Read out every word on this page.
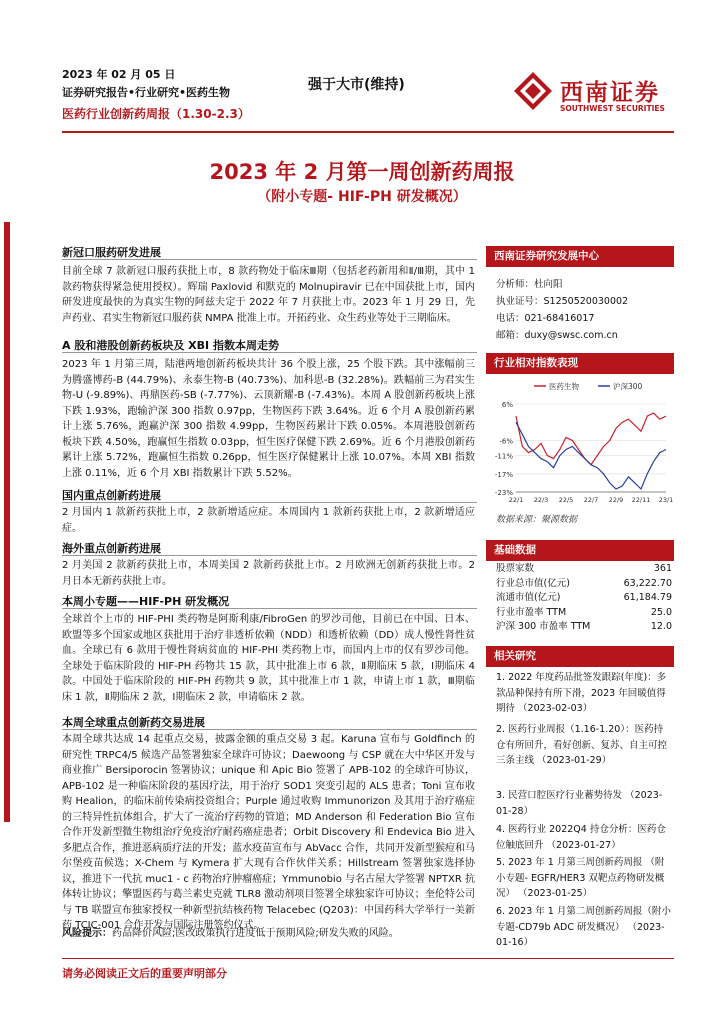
2023 年 02 月 05 日
证券研究报告•行业研究•医药生物
医药行业创新药周报（1.30-2.3）
强于大市(维持)	西南证券
SOUTHWEST SECURITIES
2023 年 2 月第一周创新药周报
（附小专题- HIF-PH 研发概况）
新冠口服药研发进展
目前全球 7 款新冠口服药获批上市，8 款药物处于临床Ⅲ期（包括老药新用和Ⅱ/Ⅲ期，其中 1 款药物获得紧急使用授权）。辉瑞 Paxlovid 和默克的 Molnupiravir 已在中国获批上市，国内研发进度最快的为真实生物的阿兹夫定于 2022 年 7 月获批上市。2023 年 1 月 29 日，先声药业、君实生物新冠口服药获 NMPA 批准上市。开拓药业、众生药业等处于三期临床。
A 股和港股创新药板块及 XBI 指数本周走势
2023 年 1 月第三周，陆港两地创新药板块共计 36 个股上涨，25 个股下跌。其中涨幅前三为腾盛博药-B (44.79%)、永泰生物-B (40.73%)、加科思-B (32.28%)。跌幅前三为君实生物-U (-9.89%)、再鼎医药-SB (-7.77%)、云顶新耀-B (-7.43%)。本周 A 股创新药板块上涨下跌 1.93%，跑输沪深 300 指数 0.97pp，生物医药下跌 3.64%。近 6 个月 A 股创新药累计上涨 5.76%，跑赢沪深 300 指数 4.99pp，生物医药累计下跌 0.05%。本周港股创新药板块下跌 4.50%，跑赢恒生指数 0.03pp，恒生医疗保健下跌 2.69%。近 6 个月港股创新药累计上涨 5.72%，跑赢恒生指数 0.26pp，恒生医疗保健累计上涨 10.07%。本周 XBI 指数上涨 0.11%，近 6 个月 XBI 指数累计下跌 5.52%。
国内重点创新药进展
2 月国内 1 款新药获批上市，2 款新增适应症。本周国内 1 款新药获批上市，2 款新增适应症。
海外重点创新药进展
2 月美国 2 款新药获批上市，本周美国 2 款新药获批上市。2 月欧洲无创新药获批上市。2 月日本无新药获批上市。
本周小专题——HIF-PH 研发概况
全球首个上市的 HIF-PHI 类药物是阿斯利康/FibroGen 的罗沙司他，目前已在中国、日本、欧盟等多个国家或地区获批用于治疗非透析依赖（NDD）和透析依赖（DD）成人慢性肾性贫血。全球已有 6 款用于慢性肾病贫血的 HIF-PHI 类药物上市，而国内上市的仅有罗沙司他。全球处于临床阶段的 HIF-PH 药物共 15 款，其中批准上市 6 款，Ⅱ期临床 5 款，Ⅰ期临床 4 款。中国处于临床阶段的 HIF-PH 药物共 9 款，其中批准上市 1 款，申请上市 1 款，Ⅲ期临床 1 款，Ⅱ期临床 2 款，Ⅰ期临床 2 款，申请临床 2 款。
本周全球重点创新药交易进展
本周全球共达成 14 起重点交易，披露金额的重点交易 3 起。Karuna 宣布与 Goldfinch 的研究性 TRPC4/5 候选产品签署独家全球许可协议；Daewoong 与 CSP 就在大中华区开发与商业推广 Bersiporocin 签署协议；unique 和 Apic Bio 签署了 APB-102 的全球许可协议，APB-102 是一种临床阶段的基因疗法，用于治疗 SOD1 突变引起的 ALS 患者；Toni 宣布收购 Healion，的临床前传染病投资组合；Purple 通过收购 Immunorizon 及其用于治疗癌症的三特异性抗体组合，扩大了一流治疗药物的管道；MD Anderson 和 Federation Bio 宣布合作开发新型微生物组治疗免疫治疗耐药癌症患者；Orbit Discovery 和 Endevica Bio 进入多肥点合作，推进恶病质疗法的开发；蓝水疫苗宣布与 AbVacc 合作，共同开发新型猴痘和马尔堡疫苗候选；X-Chem 与 Kymera 扩大现有合作伙伴关系；Hillstream 签署独家选择协议，推进下一代抗 muc1 - c 药物治疗肿瘤癌症；Ymmunobio 与名古屋大学签署 NPTXR 抗体转让协议；擎盟医药与葛兰素史克就 TLR8 激动剂项目签署全球独家许可协议；奎伦特公司与 TB 联盟宣布独家授权一种新型抗结核药物 Telacebec (Q203)：中国药科大学举行一美新药 TCIC-001 合作开发与国际注册签约仪式。
风险提示：药品降价风险;医改政策执行进度低于预期风险;研发失败的风险。
西南证券研究发展中心
分析师：杜向阳
执业证号：S1250520030002
电话：021-68416017
邮箱：duxy@swsc.com.cn
行业相对指数表现
6%
-6%
-11%
-17%
-23%
22/1 22/3 22/5 22/7 22/9 22/11 23/1
医药生物	沪深300
数据来源：聚源数据
基础数据
股票家数	361
行业总市值(亿元)	63,222.70
流通市值(亿元)	61,184.79
行业市盈率 TTM	25.0
沪深 300 市盈率 TTM	12.0
相关研究
1. 2022 年度药品批签发跟踪(年度)：多款品种保持有所下滑，2023 年回暖值得期待 （2023-02-03）
2. 医药行业周报（1.16-1.20）：医药持仓有所回升，看好创新、复苏、自主可控三条主线 （2023-01-29）
3. 民营口腔医疗行业蓄势待发 （2023-01-28）
4. 医药行业 2022Q4 持仓分析：医药仓位触底回升 （2023-01-27）
5. 2023 年 1 月第三周创新药周报 （附小专题- EGFR/HER3 双靶点药物研发概况） （2023-01-25）
6. 2023 年 1 月第二周创新药周报（附小专题-CD79b ADC 研发概况） （2023-01-16）
请务必阅读正文后的重要声明部分
